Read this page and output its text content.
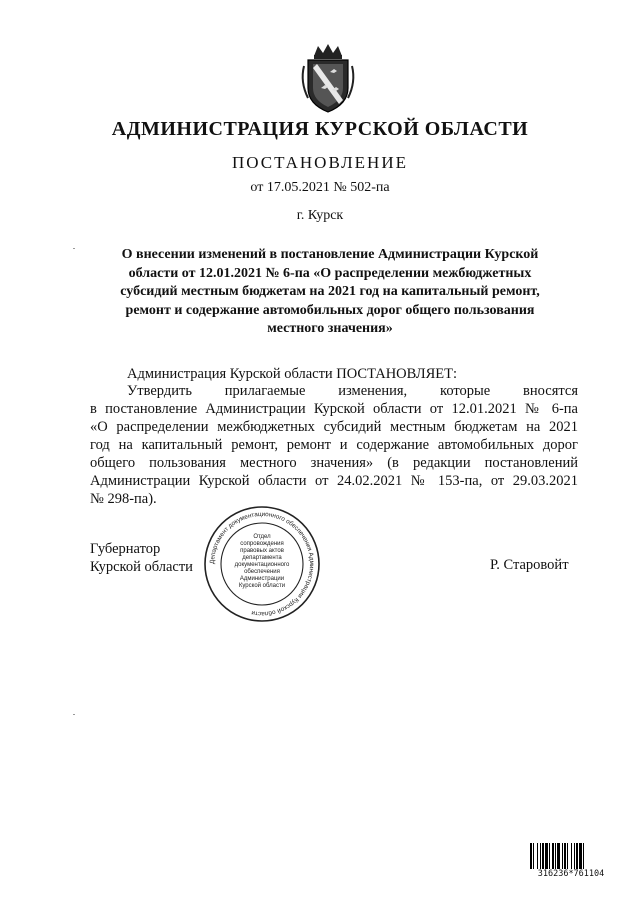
АДМИНИСТРАЦИЯ КУРСКОЙ ОБЛАСТИ
ПОСТАНОВЛЕНИЕ
от 17.05.2021 № 502-па
г. Курск
О внесении изменений в постановление Администрации Курской области от 12.01.2021 № 6-па «О распределении межбюджетных субсидий местным бюджетам на 2021 год на капитальный ремонт, ремонт и содержание автомобильных дорог общего пользования местного значения»
Администрация Курской области ПОСТАНОВЛЯЕТ:
Утвердить прилагаемые изменения, которые вносятся
в постановление Администрации Курской области от 12.01.2021 № 6-па
«О распределении межбюджетных субсидий местным бюджетам на 2021
год на капитальный ремонт, ремонт и содержание автомобильных дорог
общего пользования местного значения» (в редакции постановлений
Администрации Курской области от 24.02.2021 № 153-па, от 29.03.2021
№ 298-па).
Губернатор
Курской области	Р. Старовойт
Департамент документационного обеспечения Администрации Курской области
Отдел
сопровождения
правовых актов
департамента
документационного
обеспечения
Администрации
Курской области
316236*761104
